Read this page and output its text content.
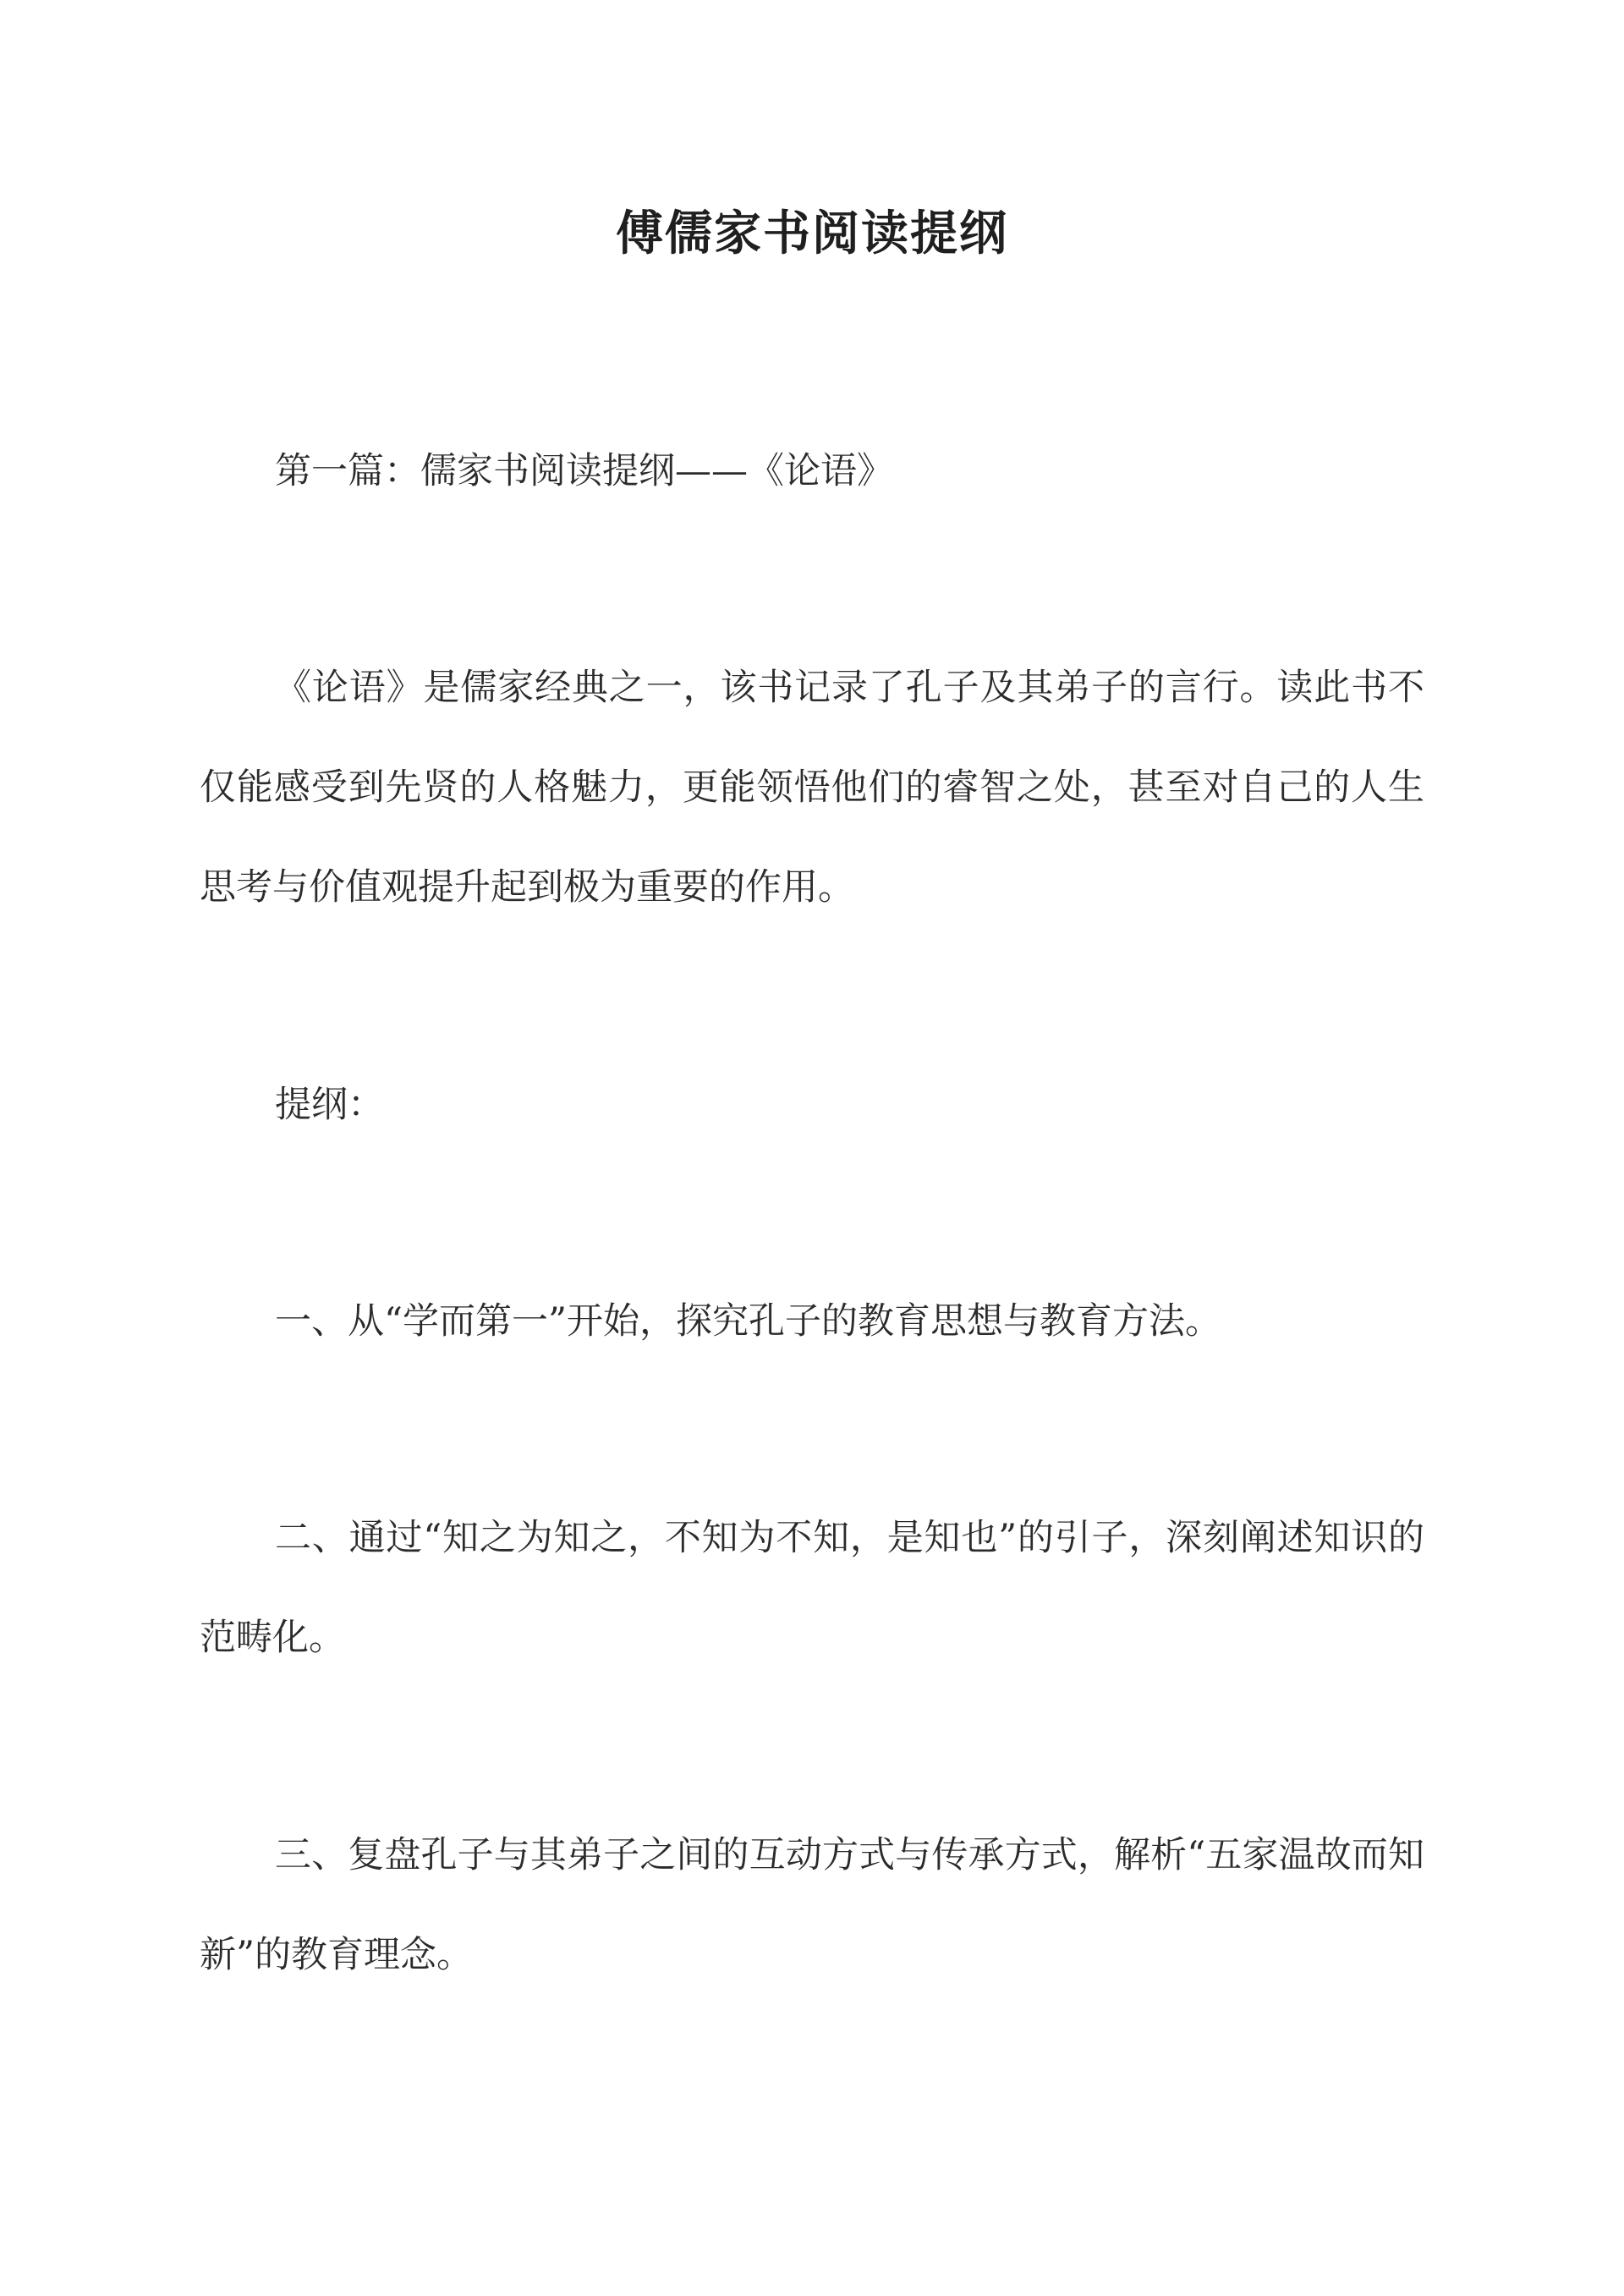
傅儒家书阅读提纲

第一篇：儒家书阅读提纲——《论语》

《论语》是儒家经典之一，该书记录了孔子及其弟子的言行。读此书不仅能感受到先贤的人格魅力，更能领悟他们的睿智之处，甚至对自己的人生思考与价值观提升起到极为重要的作用。

提纲：

一、从“学而第一”开始，探究孔子的教育思想与教育方法。

二、通过“知之为知之，不知为不知，是知也”的引子，深刻阐述知识的范畴化。

三、复盘孔子与其弟子之间的互动方式与传承方式，解析“五家温故而知新”的教育理念。
